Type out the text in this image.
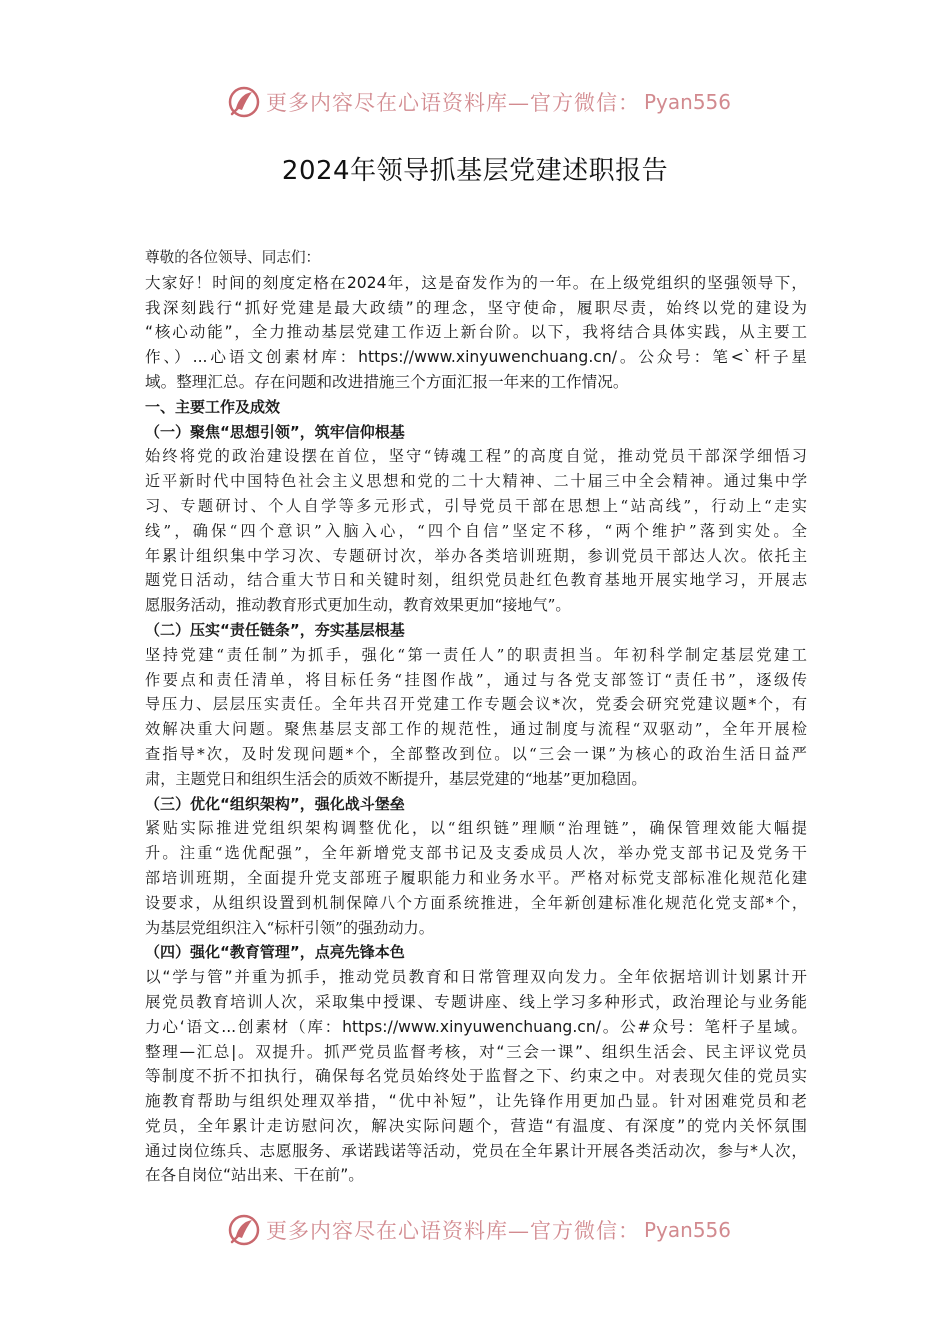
更多内容尽在心语资料库—官方微信： Pyan556
2024年领导抓基层党建述职报告
尊敬的各位领导、同志们：
大家好！时间的刻度定格在2024年，这是奋发作为的一年。在上级党组织的坚强领导下，
我深刻践行“抓好党建是最大政绩”的理念，坚守使命，履职尽责，始终以党的建设为
“核心动能”，全力推动基层党建工作迈上新台阶。以下，我将结合具体实践，从主要工
作、）...心语文创素材库：https://www.xinyuwenchuang.cn/。公众号：笔<`杆子星
域。整理汇总。存在问题和改进措施三个方面汇报一年来的工作情况。
一、主要工作及成效
（一）聚焦“思想引领”，筑牢信仰根基
始终将党的政治建设摆在首位，坚守“铸魂工程”的高度自觉，推动党员干部深学细悟习
近平新时代中国特色社会主义思想和党的二十大精神、二十届三中全会精神。通过集中学
习、专题研讨、个人自学等多元形式，引导党员干部在思想上“站高线”，行动上“走实
线”，确保“四个意识”入脑入心，“四个自信”坚定不移，“两个维护”落到实处。全
年累计组织集中学习次、专题研讨次，举办各类培训班期，参训党员干部达人次。依托主
题党日活动，结合重大节日和关键时刻，组织党员赴红色教育基地开展实地学习，开展志
愿服务活动，推动教育形式更加生动，教育效果更加“接地气”。
（二）压实“责任链条”，夯实基层根基
坚持党建“责任制”为抓手，强化“第一责任人”的职责担当。年初科学制定基层党建工
作要点和责任清单，将目标任务“挂图作战”，通过与各党支部签订“责任书”，逐级传
导压力、层层压实责任。全年共召开党建工作专题会议*次，党委会研究党建议题*个，有
效解决重大问题。聚焦基层支部工作的规范性，通过制度与流程“双驱动”，全年开展检
查指导*次，及时发现问题*个，全部整改到位。以“三会一课”为核心的政治生活日益严
肃，主题党日和组织生活会的质效不断提升，基层党建的“地基”更加稳固。
（三）优化“组织架构”，强化战斗堡垒
紧贴实际推进党组织架构调整优化，以“组织链”理顺“治理链”，确保管理效能大幅提
升。注重“选优配强”，全年新增党支部书记及支委成员人次，举办党支部书记及党务干
部培训班期，全面提升党支部班子履职能力和业务水平。严格对标党支部标准化规范化建
设要求，从组织设置到机制保障八个方面系统推进，全年新创建标准化规范化党支部*个，
为基层党组织注入“标杆引领”的强劲动力。
（四）强化“教育管理”，点亮先锋本色
以“学与管”并重为抓手，推动党员教育和日常管理双向发力。全年依据培训计划累计开
展党员教育培训人次，采取集中授课、专题讲座、线上学习多种形式，政治理论与业务能
力心‘语文...创素材（库：https://www.xinyuwenchuang.cn/。公#众号：笔杆子星域。
整理—汇总|。双提升。抓严党员监督考核，对“三会一课”、组织生活会、民主评议党员
等制度不折不扣执行，确保每名党员始终处于监督之下、约束之中。对表现欠佳的党员实
施教育帮助与组织处理双举措，“优中补短”，让先锋作用更加凸显。针对困难党员和老
党员，全年累计走访慰问次，解决实际问题个，营造“有温度、有深度”的党内关怀氛围
通过岗位练兵、志愿服务、承诺践诺等活动，党员在全年累计开展各类活动次，参与*人次，
在各自岗位“站出来、干在前”。
更多内容尽在心语资料库—官方微信： Pyan556
